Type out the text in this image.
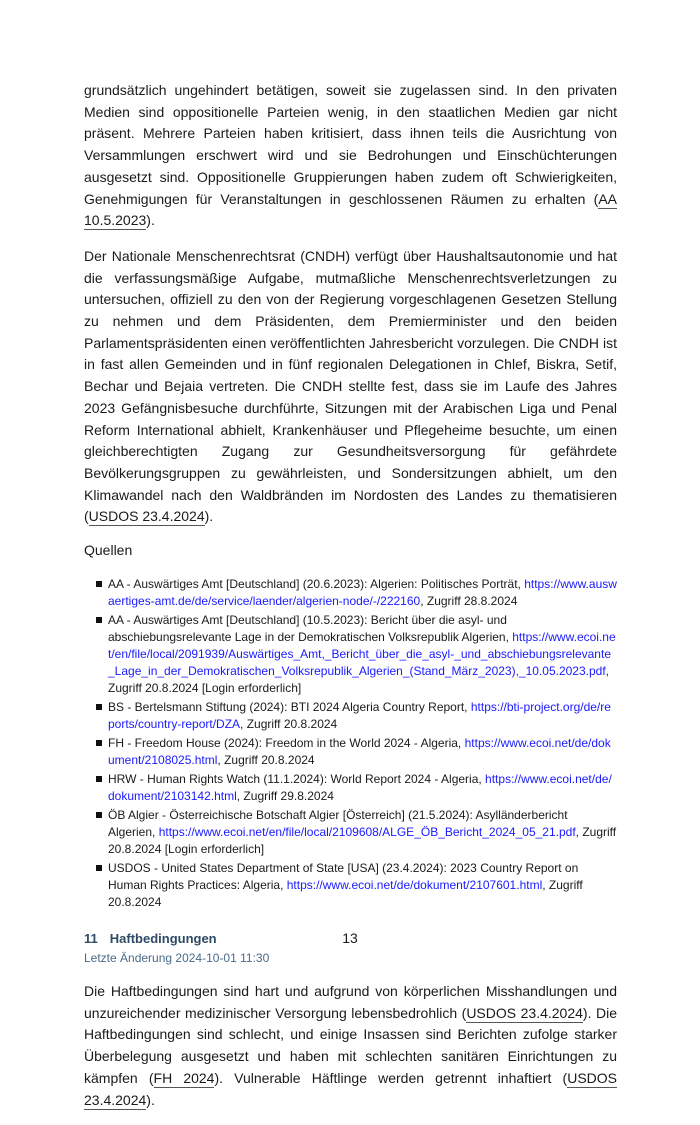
grundsätzlich ungehindert betätigen, soweit sie zugelassen sind. In den privaten Medien sind oppositionelle Parteien wenig, in den staatlichen Medien gar nicht präsent. Mehrere Parteien haben kritisiert, dass ihnen teils die Ausrichtung von Versammlungen erschwert wird und sie Bedrohungen und Einschüchterungen ausgesetzt sind. Oppositionelle Gruppierungen haben zudem oft Schwierigkeiten, Genehmigungen für Veranstaltungen in geschlossenen Räumen zu erhalten (AA 10.5.2023).

Der Nationale Menschenrechtsrat (CNDH) verfügt über Haushaltsautonomie und hat die verfassungsmäßige Aufgabe, mutmaßliche Menschenrechtsverletzungen zu untersuchen, offiziell zu den von der Regierung vorgeschlagenen Gesetzen Stellung zu nehmen und dem Präsidenten, dem Premierminister und den beiden Parlamentspräsidenten einen veröffentlichten Jahresbericht vorzulegen. Die CNDH ist in fast allen Gemeinden und in fünf regionalen Delegationen in Chlef, Biskra, Setif, Bechar und Bejaia vertreten. Die CNDH stellte fest, dass sie im Laufe des Jahres 2023 Gefängnisbesuche durchführte, Sitzungen mit der Arabischen Liga und Penal Reform International abhielt, Krankenhäuser und Pflegeheime besuchte, um einen gleichberechtigten Zugang zur Gesundheitsversorgung für gefährdete Bevölkerungsgruppen zu gewährleisten, und Sondersitzungen abhielt, um den Klimawandel nach den Waldbränden im Nordosten des Landes zu thematisieren (USDOS 23.4.2024).

Quellen

AA - Auswärtiges Amt [Deutschland] (20.6.2023): Algerien: Politisches Porträt, https://www.auswaertiges-amt.de/de/service/laender/algerien-node/-/222160, Zugriff 28.8.2024
AA - Auswärtiges Amt [Deutschland] (10.5.2023): Bericht über die asyl- und abschiebungsrelevante Lage in der Demokratischen Volksrepublik Algerien, https://www.ecoi.net/en/file/local/2091939/Auswärtiges_Amt,_Bericht_über_die_asyl-_und_abschiebungsrelevante_Lage_in_der_Demokratischen_Volksrepublik_Algerien_(Stand_März_2023),_10.05.2023.pdf, Zugriff 20.8.2024 [Login erforderlich]
BS - Bertelsmann Stiftung (2024): BTI 2024 Algeria Country Report, https://bti-project.org/de/reports/country-report/DZA, Zugriff 20.8.2024
FH - Freedom House (2024): Freedom in the World 2024 - Algeria, https://www.ecoi.net/de/dokument/2108025.html, Zugriff 20.8.2024
HRW - Human Rights Watch (11.1.2024): World Report 2024 - Algeria, https://www.ecoi.net/de/dokument/2103142.html, Zugriff 29.8.2024
ÖB Algier - Österreichische Botschaft Algier [Österreich] (21.5.2024): Asylländerbericht Algerien, https://www.ecoi.net/en/file/local/2109608/ALGE_ÖB_Bericht_2024_05_21.pdf, Zugriff 20.8.2024 [Login erforderlich]
USDOS - United States Department of State [USA] (23.4.2024): 2023 Country Report on Human Rights Practices: Algeria, https://www.ecoi.net/de/dokument/2107601.html, Zugriff 20.8.2024
11 Haftbedingungen

Letzte Änderung 2024-10-01 11:30

Die Haftbedingungen sind hart und aufgrund von körperlichen Misshandlungen und unzureichender medizinischer Versorgung lebensbedrohlich (USDOS 23.4.2024). Die Haftbedingungen sind schlecht, und einige Insassen sind Berichten zufolge starker Überbelegung ausgesetzt und haben mit schlechten sanitären Einrichtungen zu kämpfen (FH 2024). Vulnerable Häftlinge werden getrennt inhaftiert (USDOS 23.4.2024).

13
